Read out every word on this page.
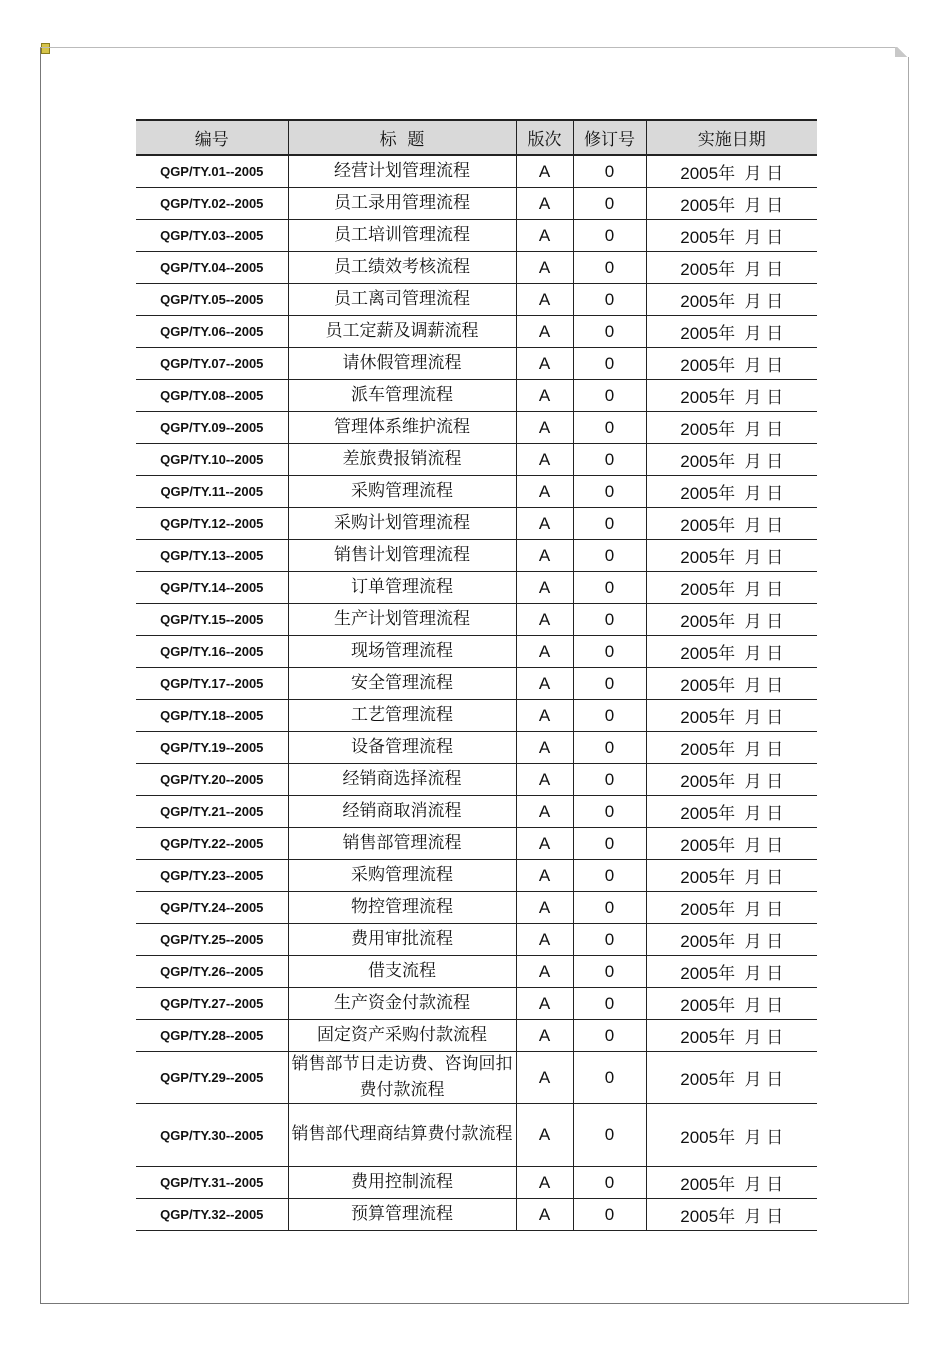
编号	标  题	版次	修订号	实施日期
QGP/TY.01--2005	经营计划管理流程	A	0	2005年  月 日
QGP/TY.02--2005	员工录用管理流程	A	0	2005年  月 日
QGP/TY.03--2005	员工培训管理流程	A	0	2005年  月 日
QGP/TY.04--2005	员工绩效考核流程	A	0	2005年  月 日
QGP/TY.05--2005	员工离司管理流程	A	0	2005年  月 日
QGP/TY.06--2005	员工定薪及调薪流程	A	0	2005年  月 日
QGP/TY.07--2005	请休假管理流程	A	0	2005年  月 日
QGP/TY.08--2005	派车管理流程	A	0	2005年  月 日
QGP/TY.09--2005	管理体系维护流程	A	0	2005年  月 日
QGP/TY.10--2005	差旅费报销流程	A	0	2005年  月 日
QGP/TY.11--2005	采购管理流程	A	0	2005年  月 日
QGP/TY.12--2005	采购计划管理流程	A	0	2005年  月 日
QGP/TY.13--2005	销售计划管理流程	A	0	2005年  月 日
QGP/TY.14--2005	订单管理流程	A	0	2005年  月 日
QGP/TY.15--2005	生产计划管理流程	A	0	2005年  月 日
QGP/TY.16--2005	现场管理流程	A	0	2005年  月 日
QGP/TY.17--2005	安全管理流程	A	0	2005年  月 日
QGP/TY.18--2005	工艺管理流程	A	0	2005年  月 日
QGP/TY.19--2005	设备管理流程	A	0	2005年  月 日
QGP/TY.20--2005	经销商选择流程	A	0	2005年  月 日
QGP/TY.21--2005	经销商取消流程	A	0	2005年  月 日
QGP/TY.22--2005	销售部管理流程	A	0	2005年  月 日
QGP/TY.23--2005	采购管理流程	A	0	2005年  月 日
QGP/TY.24--2005	物控管理流程	A	0	2005年  月 日
QGP/TY.25--2005	费用审批流程	A	0	2005年  月 日
QGP/TY.26--2005	借支流程	A	0	2005年  月 日
QGP/TY.27--2005	生产资金付款流程	A	0	2005年  月 日
QGP/TY.28--2005	固定资产采购付款流程	A	0	2005年  月 日
QGP/TY.29--2005	销售部节日走访费、咨询回扣费付款流程	A	0	2005年  月 日
QGP/TY.30--2005	销售部代理商结算费付款流程	A	0	2005年  月 日
QGP/TY.31--2005	费用控制流程	A	0	2005年  月 日
QGP/TY.32--2005	预算管理流程	A	0	2005年  月 日
